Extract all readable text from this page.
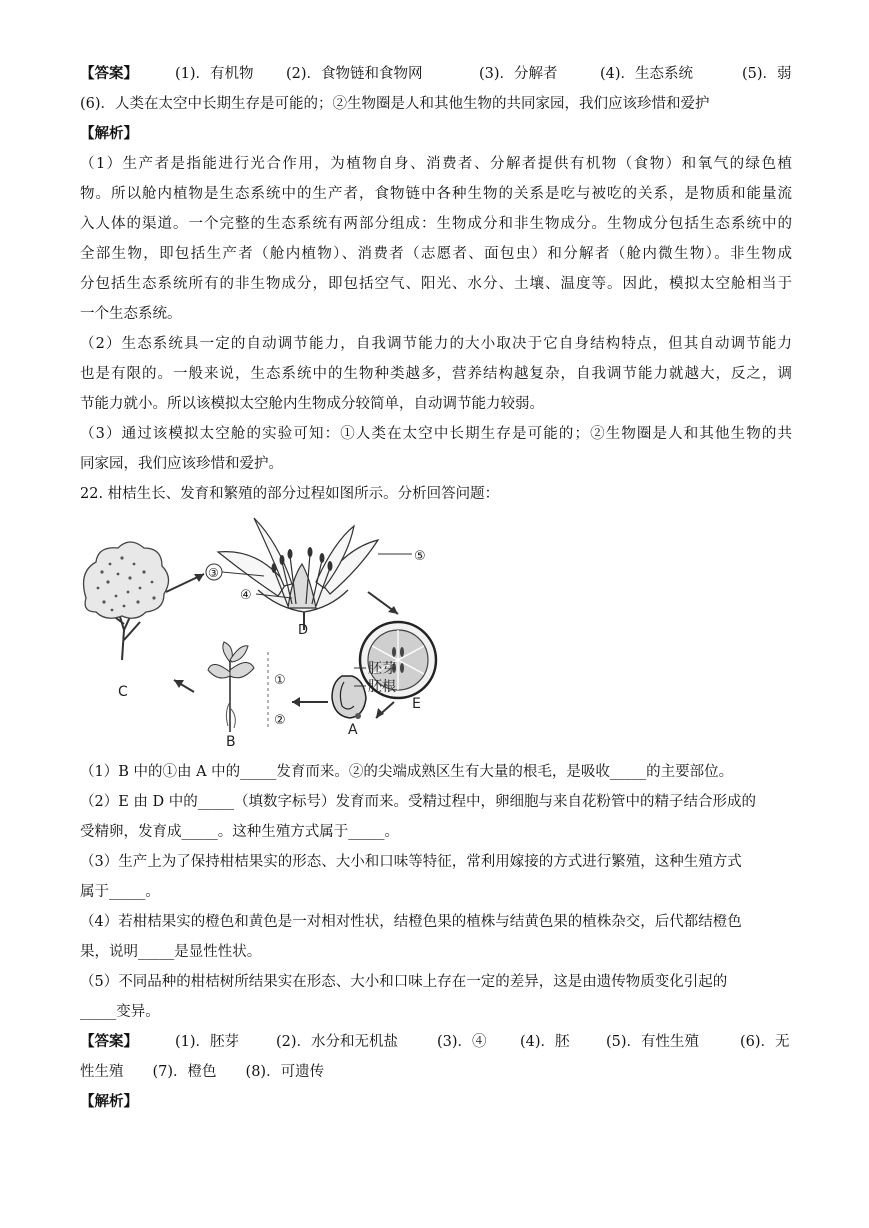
【答案】	(1)．有机物 (2)．食物链和食物网	(3)．分解者	(4)．生态系统	(5)．弱
(6)．人类在太空中长期生存是可能的；②生物圈是人和其他生物的共同家园，我们应该珍惜和爱护
【解析】
（1）生产者是指能进行光合作用，为植物自身、消费者、分解者提供有机物（食物）和氧气的绿色植
物。所以舱内植物是生态系统中的生产者，食物链中各种生物的关系是吃与被吃的关系，是物质和能量流
入人体的渠道。一个完整的生态系统有两部分组成：生物成分和非生物成分。生物成分包括生态系统中的
全部生物，即包括生产者（舱内植物）、消费者（志愿者、面包虫）和分解者（舱内微生物）。非生物成
分包括生态系统所有的非生物成分，即包括空气、阳光、水分、土壤、温度等。因此，模拟太空舱相当于
一个生态系统。
（2）生态系统具一定的自动调节能力，自我调节能力的大小取决于它自身结构特点，但其自动调节能力
也是有限的。一般来说，生态系统中的生物种类越多，营养结构越复杂，自我调节能力就越大，反之，调
节能力就小。所以该模拟太空舱内生物成分较简单，自动调节能力较弱。
（3）通过该模拟太空舱的实验可知：①人类在太空中长期生存是可能的；②生物圈是人和其他生物的共
同家园，我们应该珍惜和爱护。
22. 柑桔生长、发育和繁殖的部分过程如图所示。分析回答问题：
C
D
③
④
⑤
E
胚芽
胚根
A
①
②
B
（1）B 中的①由 A 中的_____发育而来。②的尖端成熟区生有大量的根毛，是吸收_____的主要部位。
（2）E 由 D 中的_____（填数字标号）发育而来。受精过程中，卵细胞与来自花粉管中的精子结合形成的
受精卵，发育成_____。这种生殖方式属于_____。
（3）生产上为了保持柑桔果实的形态、大小和口味等特征，常利用嫁接的方式进行繁殖，这种生殖方式
属于_____。
（4）若柑桔果实的橙色和黄色是一对相对性状，结橙色果的植株与结黄色果的植株杂交，后代都结橙色
果，说明_____是显性性状。
（5）不同品种的柑桔树所结果实在形态、大小和口味上存在一定的差异，这是由遗传物质变化引起的
_____变异。
【答案】	(1)．胚芽	(2)．水分和无机盐	(3)．④ (4)．胚	(5)．有性生殖	(6)．无
性生殖　　(7)．橙色　　(8)．可遗传
【解析】
